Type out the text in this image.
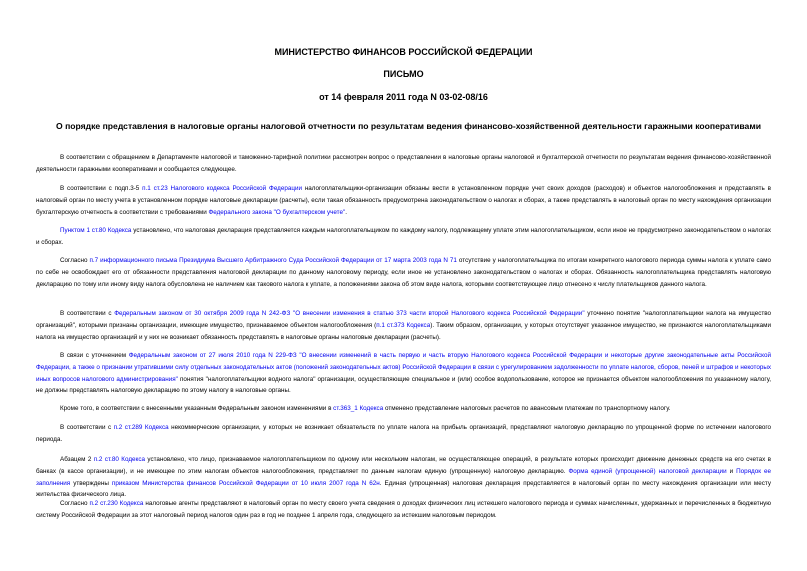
МИНИСТЕРСТВО ФИНАНСОВ РОССИЙСКОЙ ФЕДЕРАЦИИ
ПИСЬМО
от 14 февраля 2011 года N 03-02-08/16
О порядке представления в налоговые органы налоговой отчетности по результатам ведения финансово-хозяйственной деятельности гаражными кооперативами

В соответствии с обращением в Департаменте налоговой и таможенно-тарифной политики рассмотрен вопрос о представлении в налоговые органы налоговой и бухгалтерской отчетности по результатам ведения финансово-хозяйственной деятельности гаражными кооперативами и сообщается следующее.

В соответствии с подп.3-5 п.1 ст.23 Налогового кодекса Российской Федерации налогоплательщики-организации обязаны вести в установленном порядке учет своих доходов (расходов) и объектов налогообложения и представлять в налоговый орган по месту учета в установленном порядке налоговые декларации (расчеты), если такая обязанность предусмотрена законодательством о налогах и сборах, а также представлять в налоговый орган по месту нахождения организации бухгалтерскую отчетность в соответствии с требованиями Федерального закона "О бухгалтерском учете".

Пунктом 1 ст.80 Кодекса установлено, что налоговая декларация представляется каждым налогоплательщиком по каждому налогу, подлежащему уплате этим налогоплательщиком, если иное не предусмотрено законодательством о налогах и сборах.

Согласно п.7 информационного письма Президиума Высшего Арбитражного Суда Российской Федерации от 17 марта 2003 года N 71 отсутствие у налогоплательщика по итогам конкретного налогового периода суммы налога к уплате само по себе не освобождает его от обязанности представления налоговой декларации по данному налоговому периоду, если иное не установлено законодательством о налогах и сборах. Обязанность налогоплательщика представлять налоговую декларацию по тому или иному виду налога обусловлена не наличием как такового налога к уплате, а положениями закона об этом виде налога, которыми соответствующее лицо отнесено к числу плательщиков данного налога.

В соответствии с Федеральным законом от 30 октября 2009 года N 242-ФЗ "О внесении изменения в статью 373 части второй Налогового кодекса Российской Федерации" уточнено понятие "налогоплательщики налога на имущество организаций", которыми признаны организации, имеющие имущество, признаваемое объектом налогообложения (п.1 ст.373 Кодекса). Таким образом, организации, у которых отсутствует указанное имущество, не признаются налогоплательщиками налога на имущество организаций и у них не возникает обязанность представлять в налоговые органы налоговые декларации (расчеты).

В связи с уточнением Федеральным законом от 27 июля 2010 года N 229-ФЗ "О внесении изменений в часть первую и часть вторую Налогового кодекса Российской Федерации и некоторые другие законодательные акты Российской Федерации, а также о признании утратившими силу отдельных законодательных актов (положений законодательных актов) Российской Федерации в связи с урегулированием задолженности по уплате налогов, сборов, пеней и штрафов и некоторых иных вопросов налогового администрирования" понятия "налогоплательщики водного налога" организации, осуществляющие специальное и (или) особое водопользование, которое не признается объектом налогообложения по указанному налогу, не должны представлять налоговую декларацию по этому налогу в налоговые органы.

Кроме того, в соответствии с внесенными указанным Федеральным законом изменениями в ст.363_1 Кодекса отменено представление налоговых расчетов по авансовым платежам по транспортному налогу.

В соответствии с п.2 ст.289 Кодекса некоммерческие организации, у которых не возникает обязательств по уплате налога на прибыль организаций, представляют налоговую декларацию по упрощенной форме по истечении налогового периода.

Абзацем 2 п.2 ст.80 Кодекса установлено, что лицо, признаваемое налогоплательщиком по одному или нескольким налогам, не осуществляющее операций, в результате которых происходит движение денежных средств на его счетах в банках (в кассе организации), и не имеющее по этим налогам объектов налогообложения, представляет по данным налогам единую (упрощенную) налоговую декларацию. Форма единой (упрощенной) налоговой декларации и Порядок ее заполнения утверждены приказом Министерства финансов Российской Федерации от 10 июля 2007 года N 62н. Единая (упрощенная) налоговая декларация представляется в налоговый орган по месту нахождения организации или месту жительства физического лица.

Согласно п.2 ст.230 Кодекса налоговые агенты представляют в налоговый орган по месту своего учета сведения о доходах физических лиц истекшего налогового периода и суммах начисленных, удержанных и перечисленных в бюджетную систему Российской Федерации за этот налоговый период налогов один раз в год не позднее 1 апреля года, следующего за истекшим налоговым периодом.
